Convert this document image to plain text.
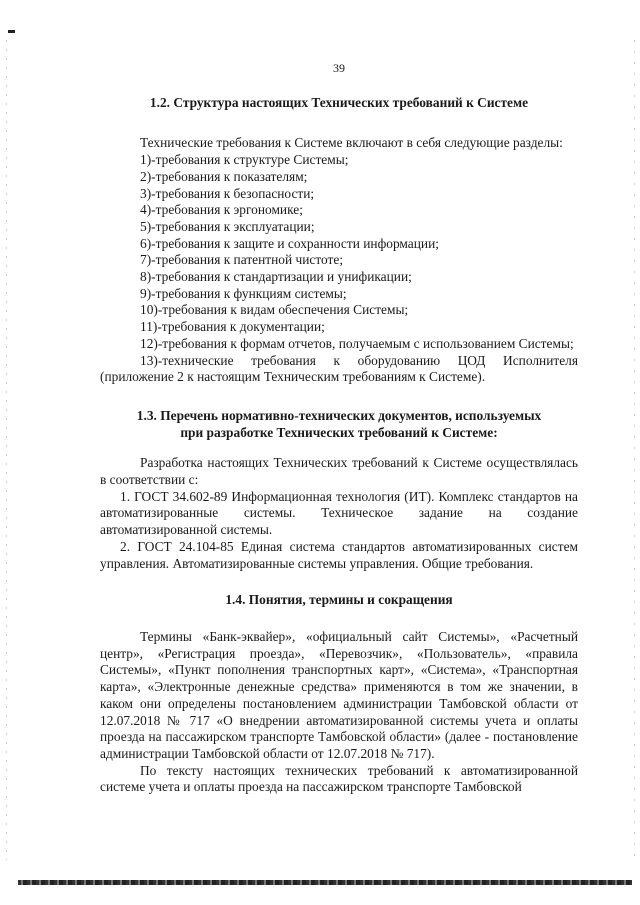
39

1.2. Структура настоящих Технических требований к Системе

Технические требования к Системе включают в себя следующие разделы:

1)-требования к структуре Системы;

2)-требования к показателям;

3)-требования к безопасности;

4)-требования к эргономике;

5)-требования к эксплуатации;

6)-требования к защите и сохранности информации;

7)-требования к патентной чистоте;

8)-требования к стандартизации и унификации;

9)-требования к функциям системы;

10)-требования к видам обеспечения Системы;

11)-требования к документации;

12)-требования к формам отчетов, получаемым с использованием Системы;

13)-технические требования к оборудованию ЦОД Исполнителя (приложение 2 к настоящим Техническим требованиям к Системе).

1.3. Перечень нормативно-технических документов, используемых
при разработке Технических требований к Системе:

Разработка настоящих Технических требований к Системе осуществлялась в соответствии с:

1. ГОСТ 34.602-89 Информационная технология (ИТ). Комплекс стандартов на автоматизированные системы. Техническое задание на создание автоматизированной системы.

2. ГОСТ 24.104-85 Единая система стандартов автоматизированных систем управления. Автоматизированные системы управления. Общие требования.

1.4. Понятия, термины и сокращения

Термины «Банк-эквайер», «официальный сайт Системы», «Расчетный центр», «Регистрация проезда», «Перевозчик», «Пользователь», «правила Системы», «Пункт пополнения транспортных карт», «Система», «Транспортная карта», «Электронные денежные средства» применяются в том же значении, в каком они определены постановлением администрации Тамбовской области от 12.07.2018 № 717 «О внедрении автоматизированной системы учета и оплаты проезда на пассажирском транспорте Тамбовской области» (далее - постановление администрации Тамбовской области от 12.07.2018 № 717).

По тексту настоящих технических требований к автоматизированной системе учета и оплаты проезда на пассажирском транспорте Тамбовской
